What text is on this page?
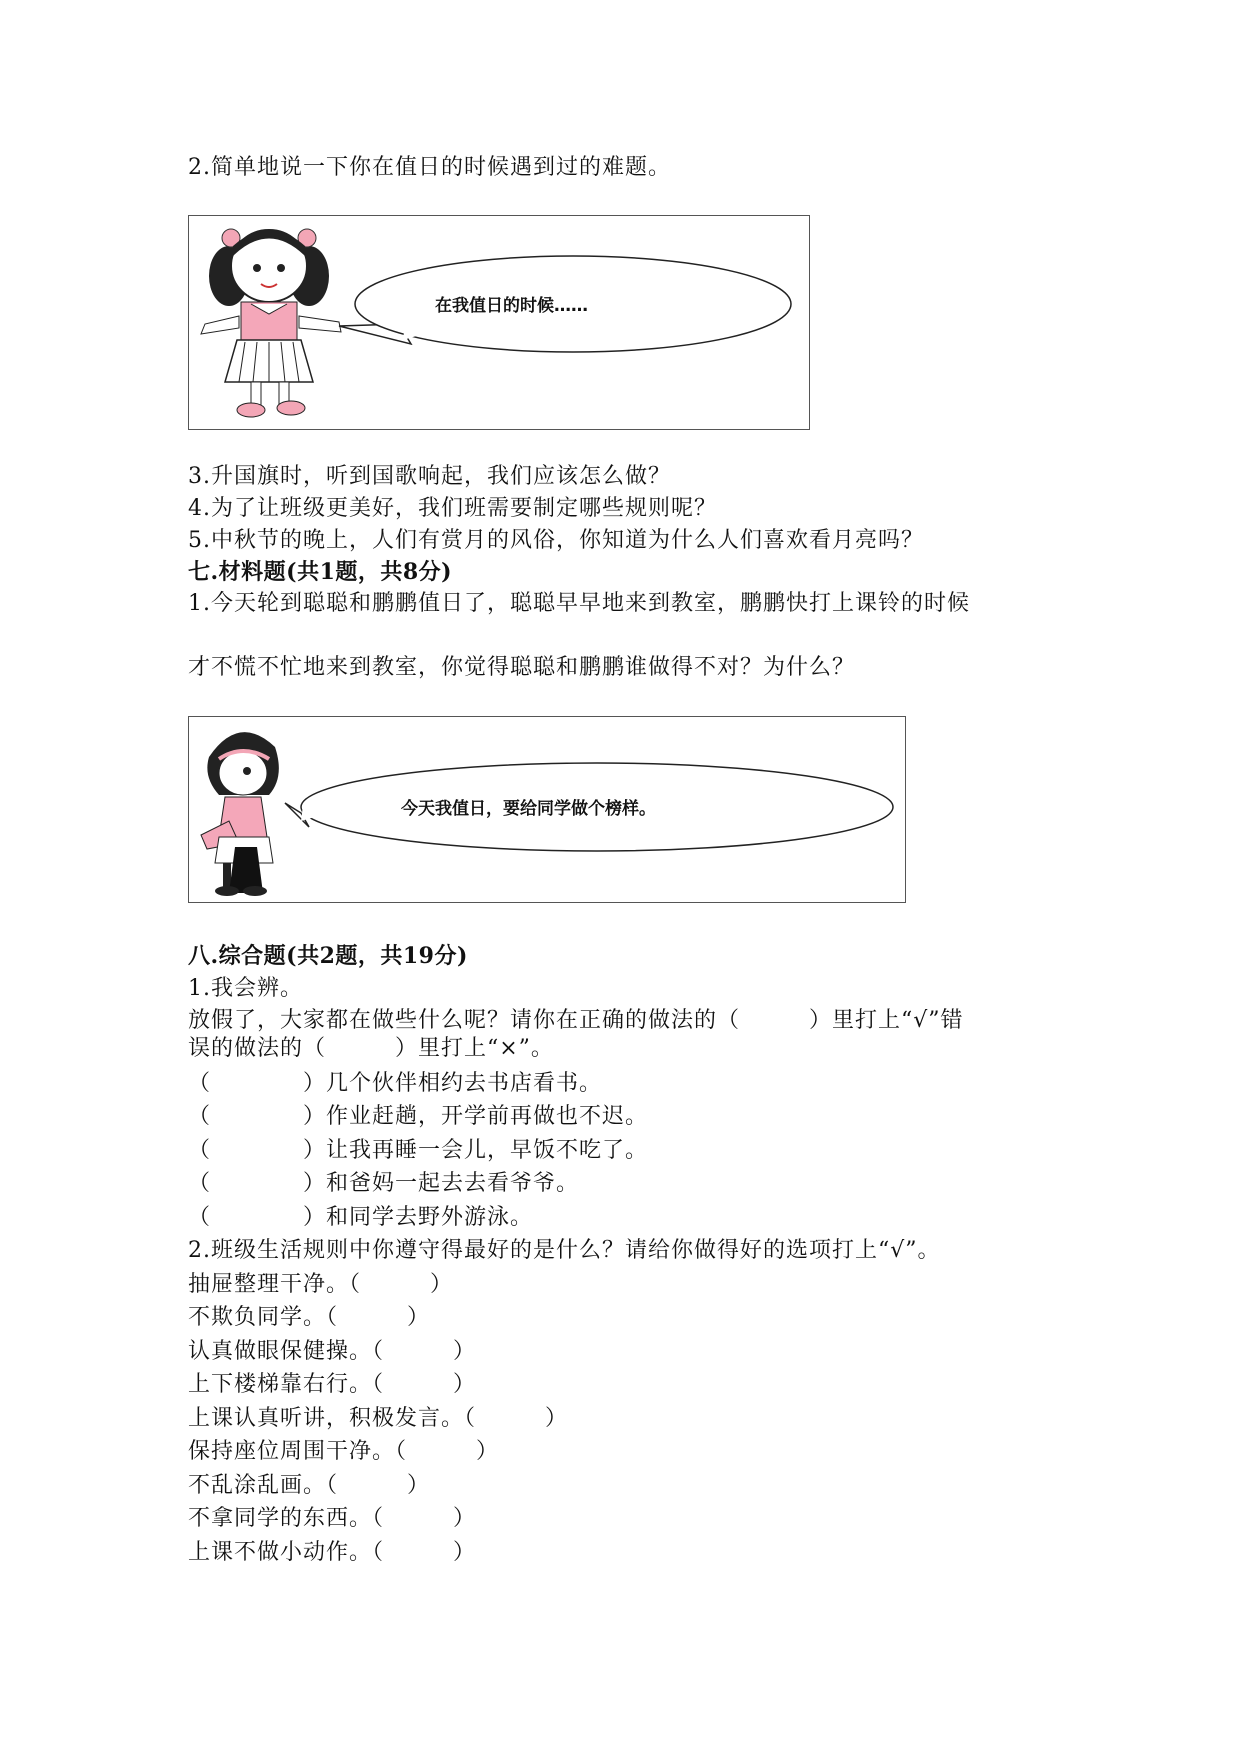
2.简单地说一下你在值日的时候遇到过的难题。

在我值日的时候……

3.升国旗时，听到国歌响起，我们应该怎么做？

4.为了让班级更美好，我们班需要制定哪些规则呢？

5.中秋节的晚上，人们有赏月的风俗，你知道为什么人们喜欢看月亮吗？

七.材料题(共1题，共8分)

1.今天轮到聪聪和鹏鹏值日了，聪聪早早地来到教室，鹏鹏快打上课铃的时候

才不慌不忙地来到教室，你觉得聪聪和鹏鹏谁做得不对？为什么？

今天我值日，要给同学做个榜样。

八.综合题(共2题，共19分)

1.我会辨。

放假了，大家都在做些什么呢？请你在正确的做法的（　　　）里打上“√”错

误的做法的（　　　）里打上“×”。

（　　　　）几个伙伴相约去书店看书。

（　　　　）作业赶趟，开学前再做也不迟。

（　　　　）让我再睡一会儿，早饭不吃了。

（　　　　）和爸妈一起去去看爷爷。

（　　　　）和同学去野外游泳。

2.班级生活规则中你遵守得最好的是什么？请给你做得好的选项打上“√”。

抽屉整理干净。（　　　）

不欺负同学。（　　　）

认真做眼保健操。（　　　）

上下楼梯靠右行。（　　　）

上课认真听讲，积极发言。（　　　）

保持座位周围干净。（　　　）

不乱涂乱画。（　　　）

不拿同学的东西。（　　　）

上课不做小动作。（　　　）
